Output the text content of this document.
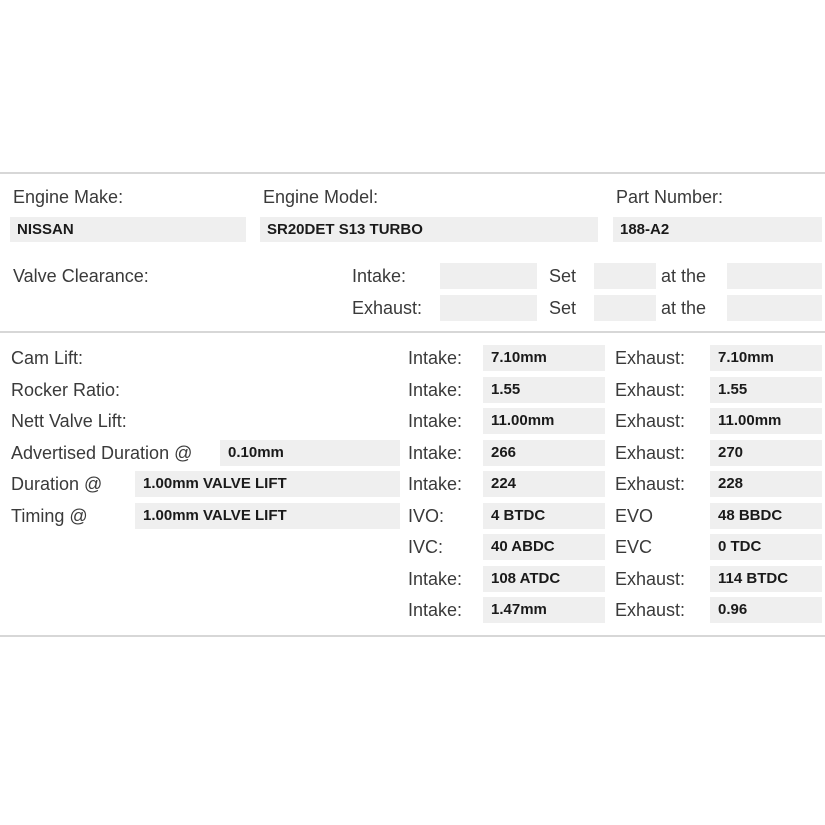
Engine Make:
NISSAN
Engine Model:
SR20DET S13 TURBO
Part Number:
188-A2
Valve Clearance:	Intake:	Set	at the
Exhaust:	Set	at the
Cam Lift:	Intake:	7.10mm	Exhaust:	7.10mm
Rocker Ratio:	Intake:	1.55	Exhaust:	1.55
Nett Valve Lift:	Intake:	11.00mm	Exhaust:	11.00mm
Advertised Duration @	0.10mm	Intake:	266	Exhaust:	270
Duration @	1.00mm VALVE LIFT	Intake:	224	Exhaust:	228
Timing @	1.00mm VALVE LIFT	IVO:	4 BTDC	EVO	48 BBDC
IVC:	40 ABDC	EVC	0 TDC
Intake:	108 ATDC	Exhaust:	114 BTDC
Intake:	1.47mm	Exhaust:	0.96
